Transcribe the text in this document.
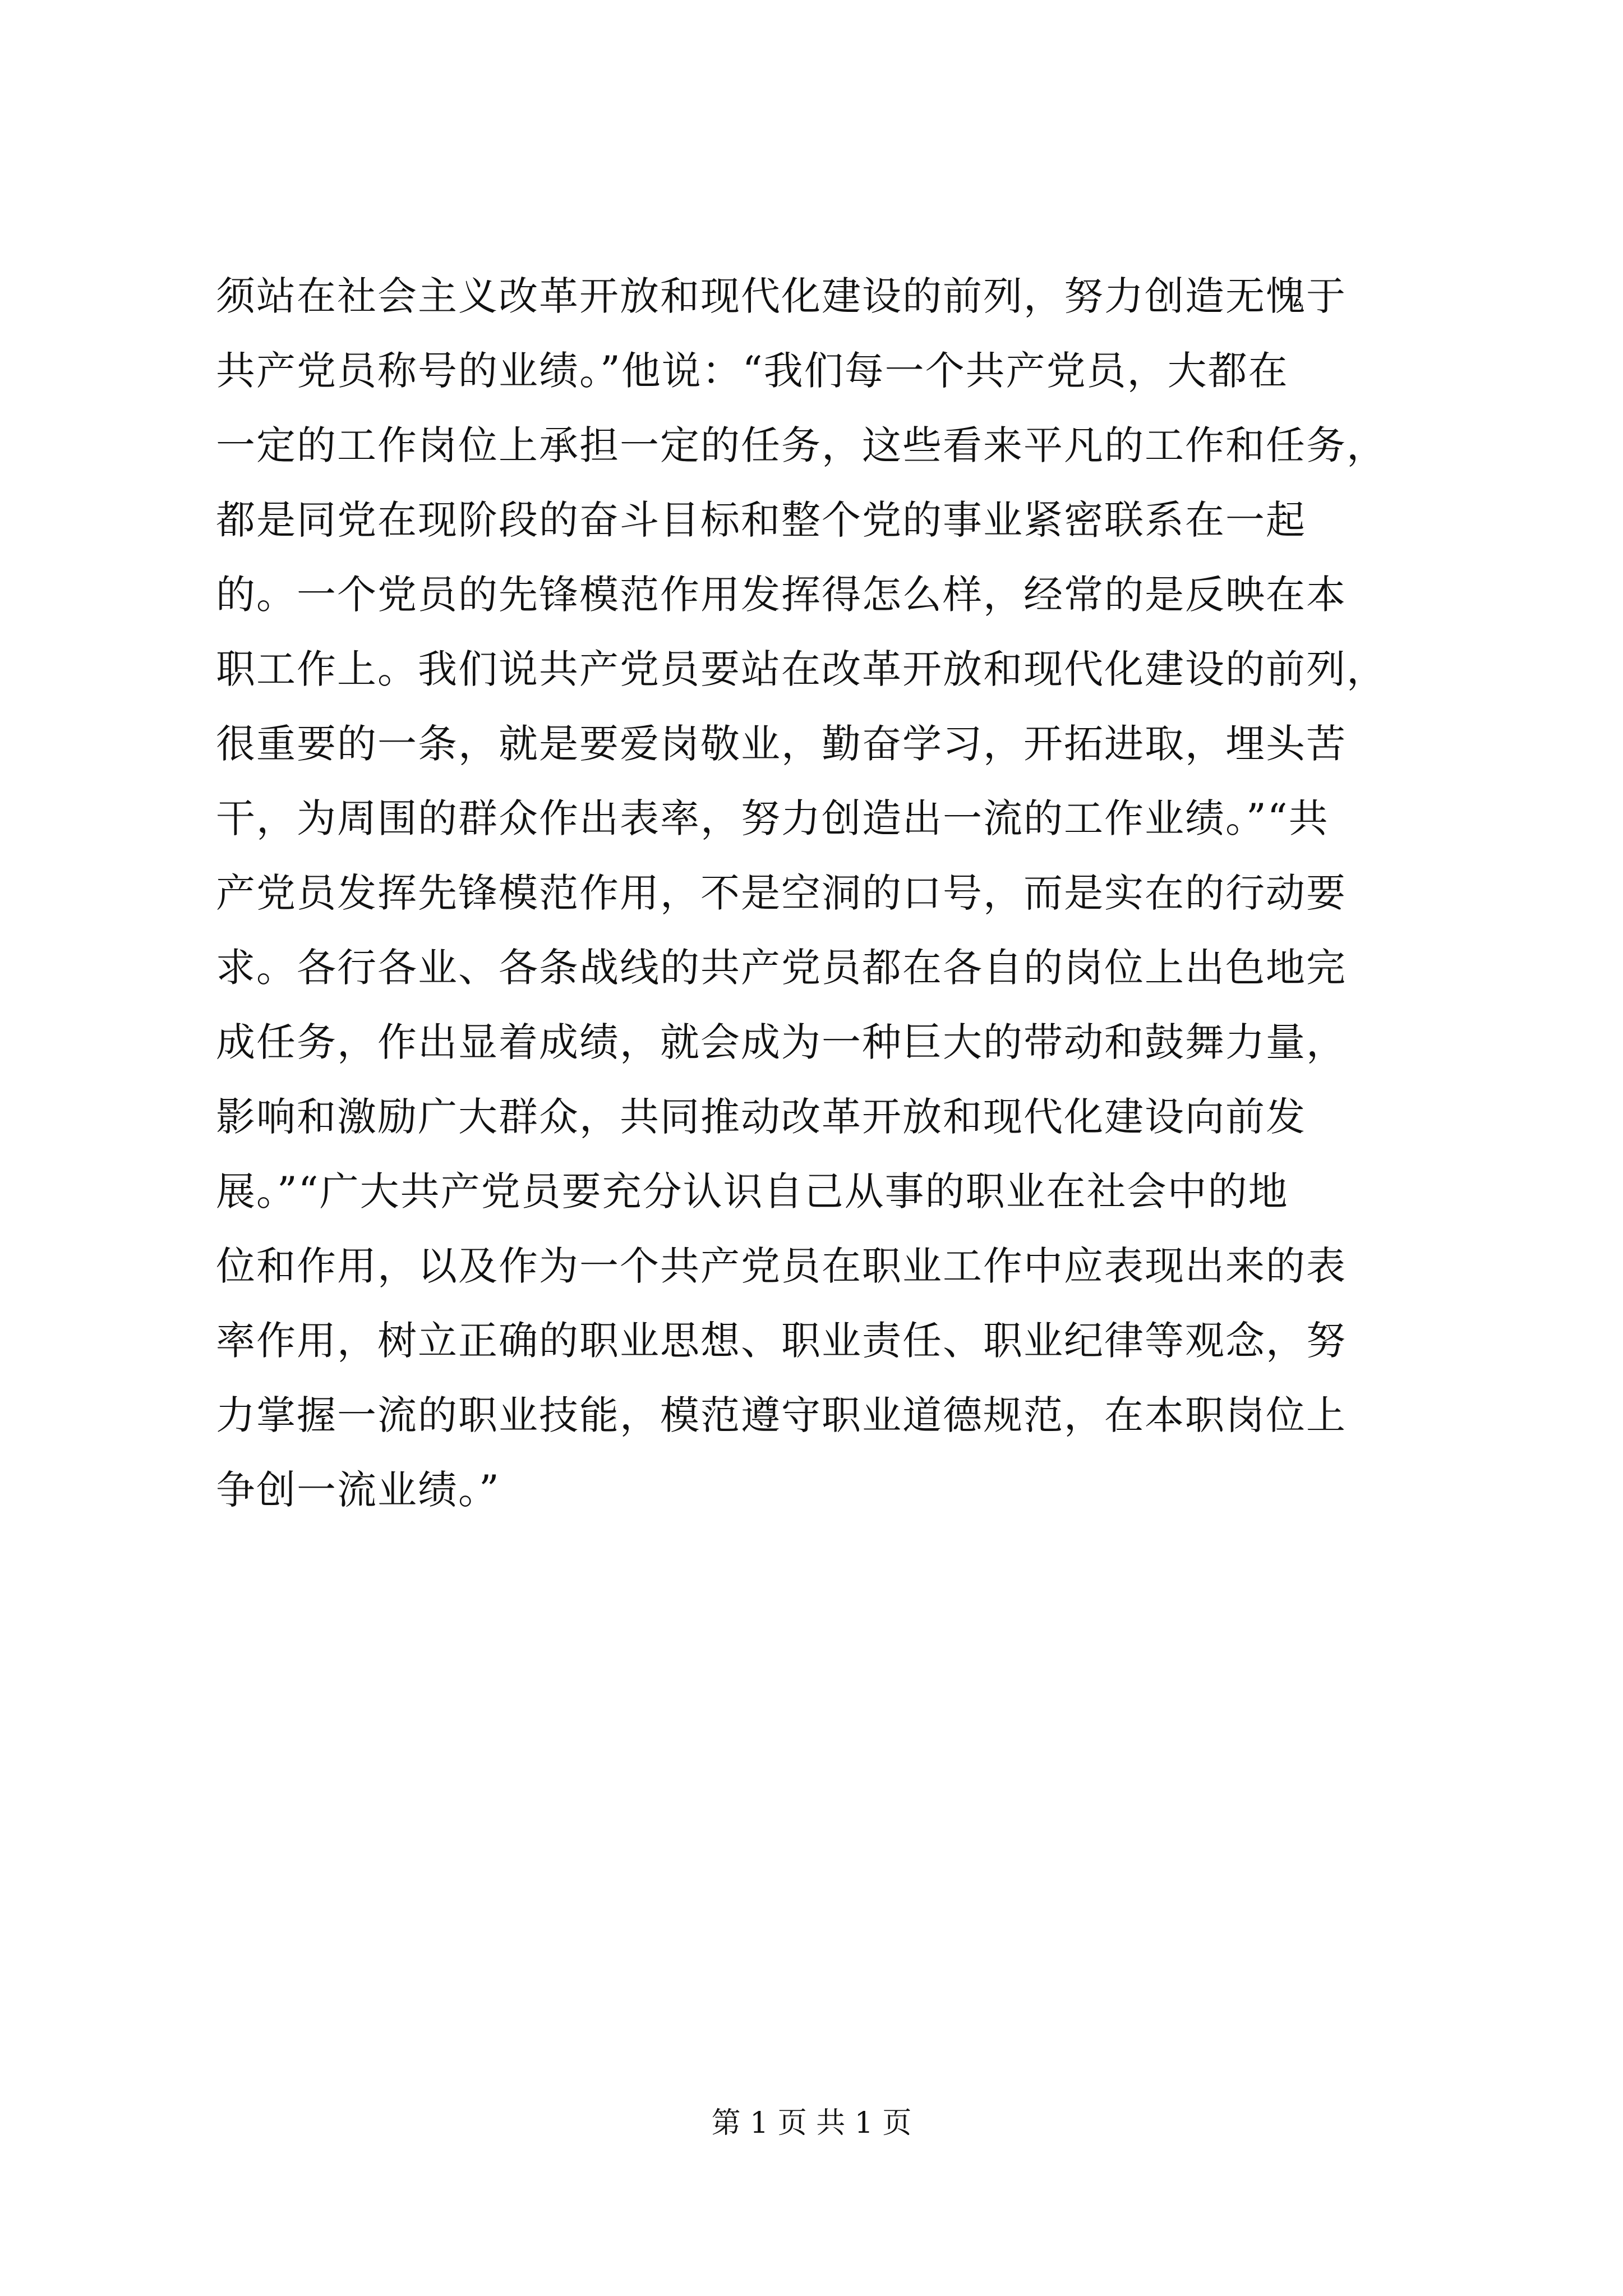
须站在社会主义改革开放和现代化建设的前列，努力创造无愧于
共产党员称号的业绩。”他说：“我们每一个共产党员，大都在
一定的工作岗位上承担一定的任务，这些看来平凡的工作和任务，
都是同党在现阶段的奋斗目标和整个党的事业紧密联系在一起
的。一个党员的先锋模范作用发挥得怎么样，经常的是反映在本
职工作上。我们说共产党员要站在改革开放和现代化建设的前列，
很重要的一条，就是要爱岗敬业，勤奋学习，开拓进取，埋头苦
干，为周围的群众作出表率，努力创造出一流的工作业绩。”“共
产党员发挥先锋模范作用，不是空洞的口号，而是实在的行动要
求。各行各业、各条战线的共产党员都在各自的岗位上出色地完
成任务，作出显着成绩，就会成为一种巨大的带动和鼓舞力量，
影响和激励广大群众，共同推动改革开放和现代化建设向前发
展。”“广大共产党员要充分认识自己从事的职业在社会中的地
位和作用，以及作为一个共产党员在职业工作中应表现出来的表
率作用，树立正确的职业思想、职业责任、职业纪律等观念，努
力掌握一流的职业技能，模范遵守职业道德规范，在本职岗位上
争创一流业绩。”
第 1 页 共 1 页
